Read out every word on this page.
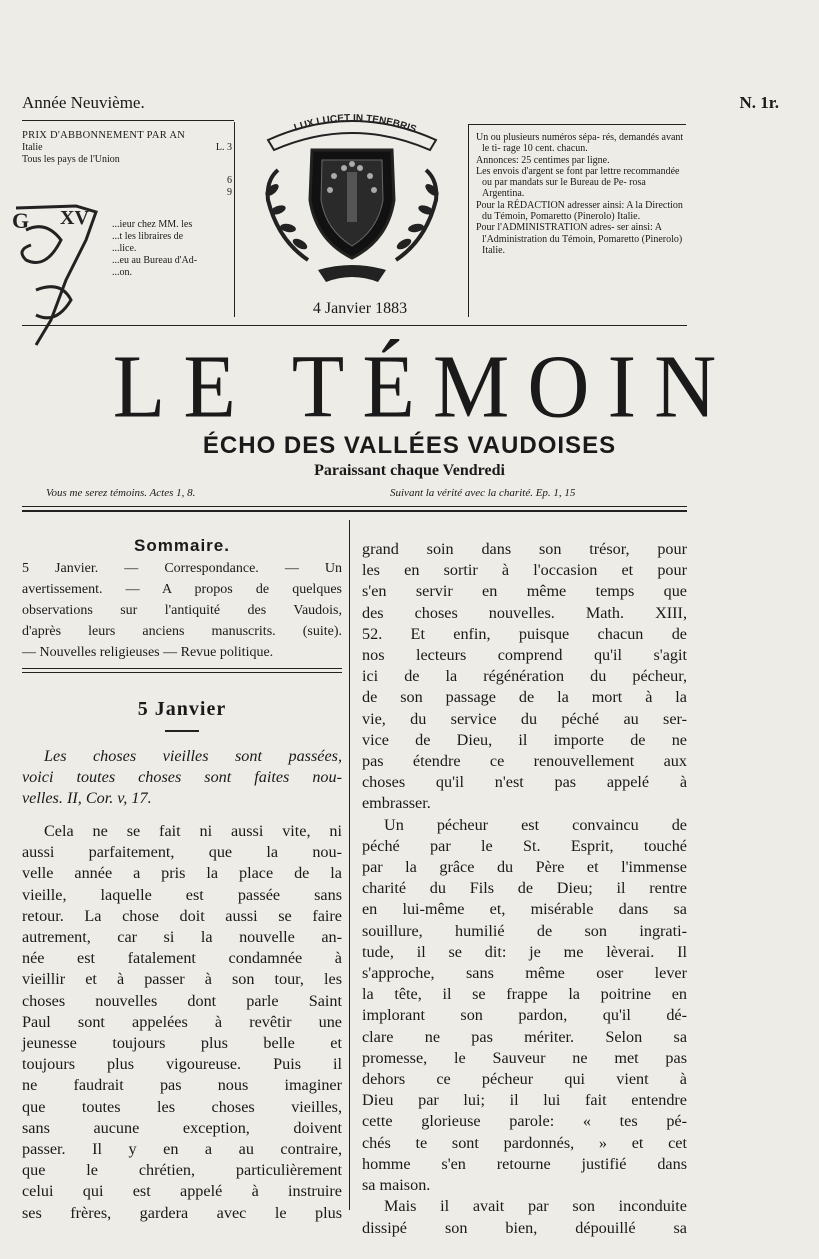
Année Neuvième.	N. 1r.
PRIX D'ABBONNEMENT PAR AN
Italie	L. 3
Tous les pays de l'Union
6
9
...ieur chez MM. les
...t les libraires de
...lice.
...eu au Bureau d'Ad-
...on.
G XV
LUX LUCET IN TENEBRIS

Un ou plusieurs numéros sépa- rés, demandés avant le ti- rage 10 cent. chacun.

Annonces: 25 centimes par ligne.

Les envois d'argent se font par lettre recommandée ou par mandats sur le Bureau de Pe- rosa Argentina.

Pour la RÉDACTION adresser ainsi: A la Direction du Témoin, Pomaretto (Pinerolo) Italie.

Pour l'ADMINISTRATION adres- ser ainsi: A l'Administration du Témoin, Pomaretto (Pinerolo) Italie.

4 Janvier 1883
LE TÉMOIN
ÉCHO DES VALLÉES VAUDOISES
Paraissant chaque Vendredi
Vous me serez témoins. Actes 1, 8.	Suivant la vérité avec la charité. Ep. 1, 15
Sommaire.
5 Janvier. — Correspondance. — Un
avertissement. — A propos de quelques
observations sur l'antiquité des Vaudois,
d'après leurs anciens manuscrits. (suite).
— Nouvelles religieuses — Revue politique.
5 Janvier
Les choses vieilles sont passées,
voici toutes choses sont faites nou-
velles. II, Cor. v, 17.
Cela ne se fait ni aussi vite, ni
aussi parfaitement, que la nou-
velle année a pris la place de la
vieille, laquelle est passée sans
retour. La chose doit aussi se faire
autrement, car si la nouvelle an-
née est fatalement condamnée à
vieillir et à passer à son tour, les
choses nouvelles dont parle Saint
Paul sont appelées à revêtir une
jeunesse toujours plus belle et
toujours plus vigoureuse. Puis il
ne faudrait pas nous imaginer
que toutes les choses vieilles,
sans aucune exception, doivent
passer. Il y en a au contraire,
que le chrétien, particulièrement
celui qui est appelé à instruire
ses frères, gardera avec le plus
grand soin dans son trésor, pour
les en sortir à l'occasion et pour
s'en servir en même temps que
des choses nouvelles. Math. XIII,
52. Et enfin, puisque chacun de
nos lecteurs comprend qu'il s'agit
ici de la régénération du pécheur,
de son passage de la mort à la
vie, du service du péché au ser-
vice de Dieu, il importe de ne
pas étendre ce renouvellement aux
choses qu'il n'est pas appelé à
embrasser.
Un pécheur est convaincu de
péché par le St. Esprit, touché
par la grâce du Père et l'immense
charité du Fils de Dieu; il rentre
en lui-même et, misérable dans sa
souillure, humilié de son ingrati-
tude, il se dit: je me lèverai. Il
s'approche, sans même oser lever
la tête, il se frappe la poitrine en
implorant son pardon, qu'il dé-
clare ne pas mériter. Selon sa
promesse, le Sauveur ne met pas
dehors ce pécheur qui vient à
Dieu par lui; il lui fait entendre
cette glorieuse parole: « tes pé-
chés te sont pardonnés, » et cet
homme s'en retourne justifié dans
sa maison.
Mais il avait par son inconduite
dissipé son bien, dépouillé sa
